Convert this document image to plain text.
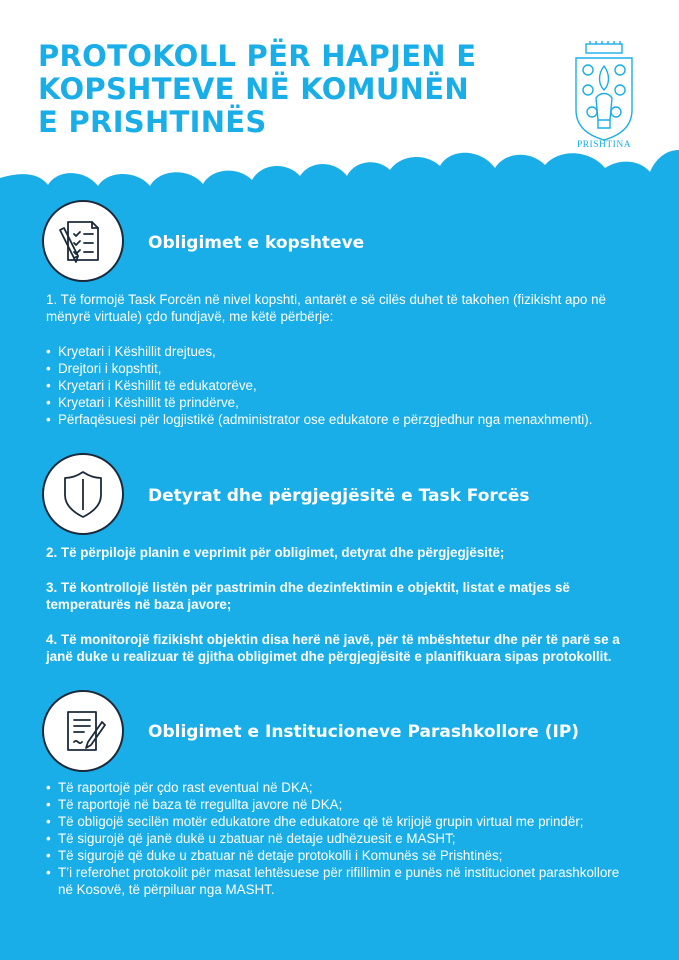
PROTOKOLL PËR HAPJEN E
KOPSHTEVE NË KOMUNËN
E PRISHTINËS
PRISHTINA
Obligimet e kopshteve
1. Të formojë Task Forcën në nivel kopshti, antarët e së cilës duhet të takohen (fizikisht apo në mënyrë virtuale) çdo fundjavë, me këtë përbërje:
• Kryetari i Këshillit drejtues,
• Drejtori i kopshtit,
• Kryetari i Këshillit të edukatorëve,
• Kryetari i Këshillit të prindërve,
• Përfaqësuesi për logjistikë (administrator ose edukatore e përzgjedhur nga menaxhmenti).
Detyrat dhe përgjegjësitë e Task Forcës
2. Të përpilojë planin e veprimit për obligimet, detyrat dhe përgjegjësitë;
3. Të kontrollojë listën për pastrimin dhe dezinfektimin e objektit, listat e matjes së temperaturës në baza javore;
4. Të monitorojë fizikisht objektin disa herë në javë, për të mbështetur dhe për të parë se a janë duke u realizuar të gjitha obligimet dhe përgjegjësitë e planifikuara sipas protokollit.
Obligimet e Institucioneve Parashkollore (IP)
• Të raportojë për çdo rast eventual në DKA;
• Të raportojë në baza të rregullta javore në DKA;
• Të obligojë secilën motër edukatore dhe edukatore që të krijojë grupin virtual me prindër;
• Të sigurojë që janë dukë u zbatuar në detaje udhëzuesit e MASHT;
• Të sigurojë që duke u zbatuar në detaje protokolli i Komunës së Prishtinës;
• T’i referohet protokolit për masat lehtësuese për rifillimin e punës në institucionet parashkollore në Kosovë, të përpiluar nga MASHT.
